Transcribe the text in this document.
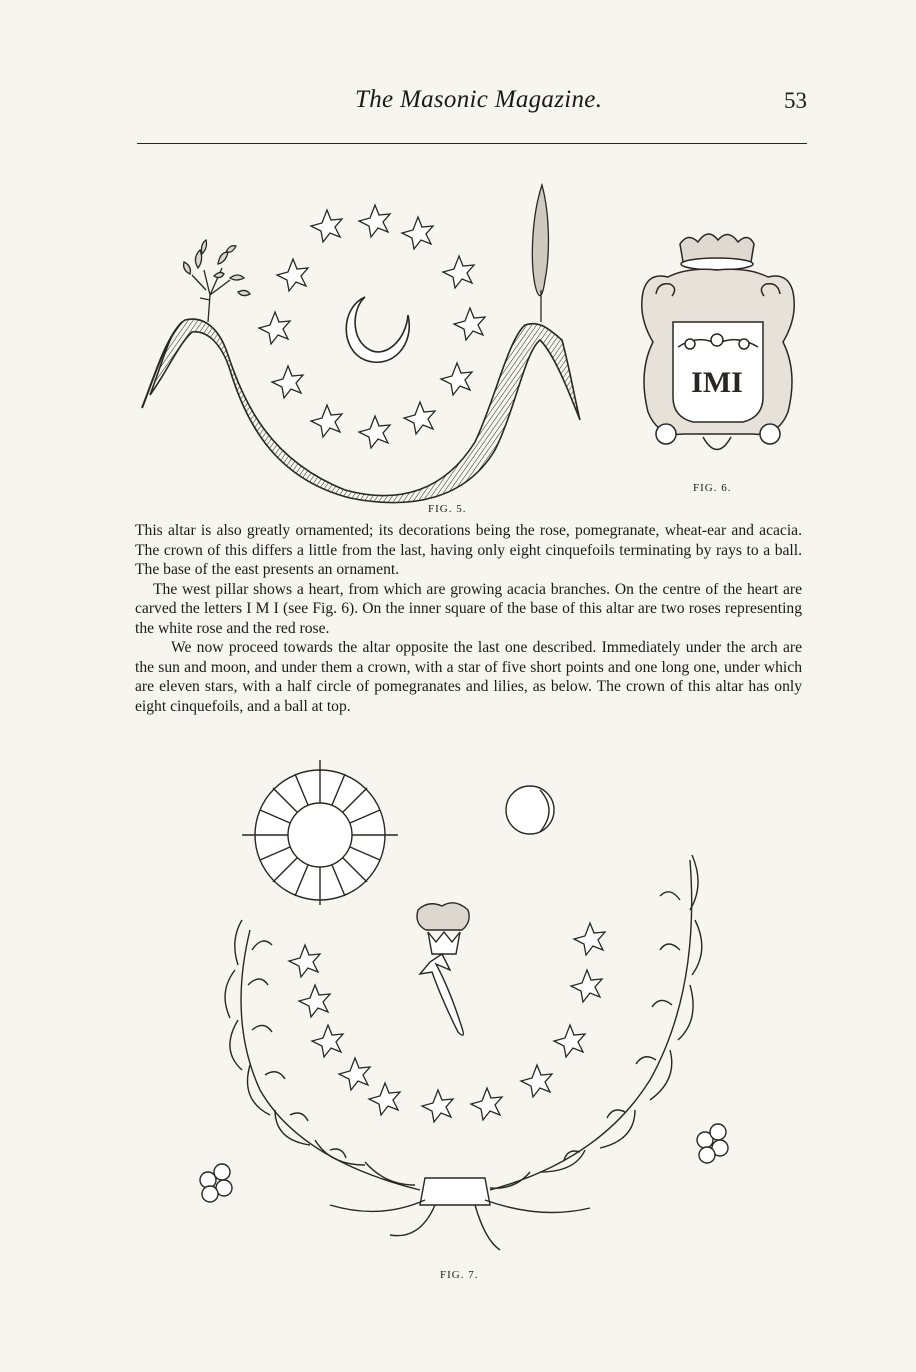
The Masonic Magazine.	53
FIG. 5.
IMI
FIG. 6.

This altar is also greatly ornamented; its decorations being the rose, pomegranate, wheat-ear and acacia. The crown of this differs a little from the last, having only eight cinquefoils terminating by rays to a ball. The base of the east presents an ornament.

The west pillar shows a heart, from which are growing acacia branches. On the centre of the heart are carved the letters I M I (see Fig. 6). On the inner square of the base of this altar are two roses representing the white rose and the red rose.

We now proceed towards the altar opposite the last one described. Immediately under the arch are the sun and moon, and under them a crown, with a star of five short points and one long one, under which are eleven stars, with a half circle of pomegranates and lilies, as below. The crown of this altar has only eight cinquefoils, and a ball at top.

FIG. 7.
